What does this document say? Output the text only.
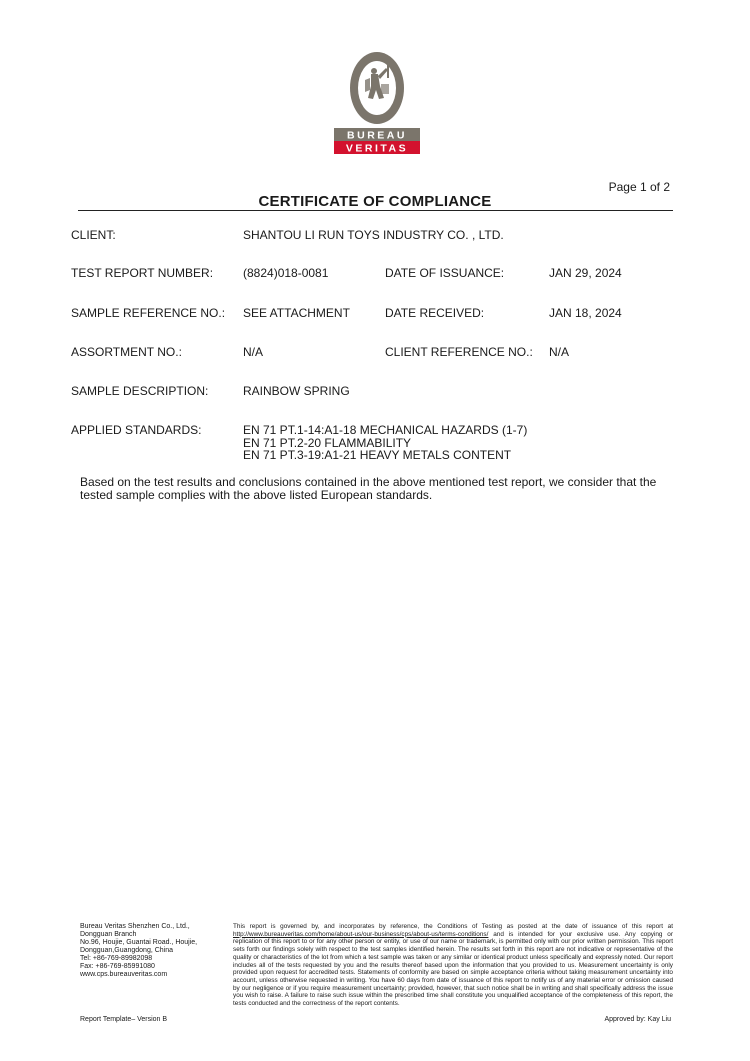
BUREAU
VERITAS
Page 1 of 2
CERTIFICATE OF COMPLIANCE
CLIENT:	SHANTOU LI RUN TOYS INDUSTRY CO. , LTD.
TEST REPORT NUMBER: (8824)018-0081	DATE OF ISSUANCE:	JAN 29, 2024
SAMPLE REFERENCE NO.: SEE ATTACHMENT	DATE RECEIVED:	JAN 18, 2024
ASSORTMENT NO.:	N/A	CLIENT REFERENCE NO.: N/A
SAMPLE DESCRIPTION:	RAINBOW SPRING
APPLIED STANDARDS:	EN 71 PT.1-14:A1-18 MECHANICAL HAZARDS (1-7)
EN 71 PT.2-20 FLAMMABILITY
EN 71 PT.3-19:A1-21 HEAVY METALS CONTENT
Based on the test results and conclusions contained in the above mentioned test report, we consider that the tested sample complies with the above listed European standards.
Bureau Veritas Shenzhen Co., Ltd.,
Dongguan Branch
No.96, Houjie, Guantai Road., Houjie,
Dongguan,Guangdong, China
Tel: +86-769-89982098
Fax: +86-769-85991080
www.cps.bureauveritas.com
This report is governed by, and incorporates by reference, the Conditions of Testing as posted at the date of issuance of this report at http://www.bureauveritas.com/home/about-us/our-business/cps/about-us/terms-conditions/ and is intended for your exclusive use. Any copying or replication of this report to or for any other person or entity, or use of our name or trademark, is permitted only with our prior written permission. This report sets forth our findings solely with respect to the test samples identified herein. The results set forth in this report are not indicative or representative of the quality or characteristics of the lot from which a test sample was taken or any similar or identical product unless specifically and expressly noted. Our report includes all of the tests requested by you and the results thereof based upon the information that you provided to us. Measurement uncertainty is only provided upon request for accredited tests. Statements of conformity are based on simple acceptance criteria without taking measurement uncertainty into account, unless otherwise requested in writing. You have 60 days from date of issuance of this report to notify us of any material error or omission caused by our negligence or if you require measurement uncertainty; provided, however, that such notice shall be in writing and shall specifically address the issue you wish to raise. A failure to raise such issue within the prescribed time shall constitute you unqualified acceptance of the completeness of this report, the tests conducted and the correctness of the report contents.
Report Template– Version B	Approved by: Kay Liu
